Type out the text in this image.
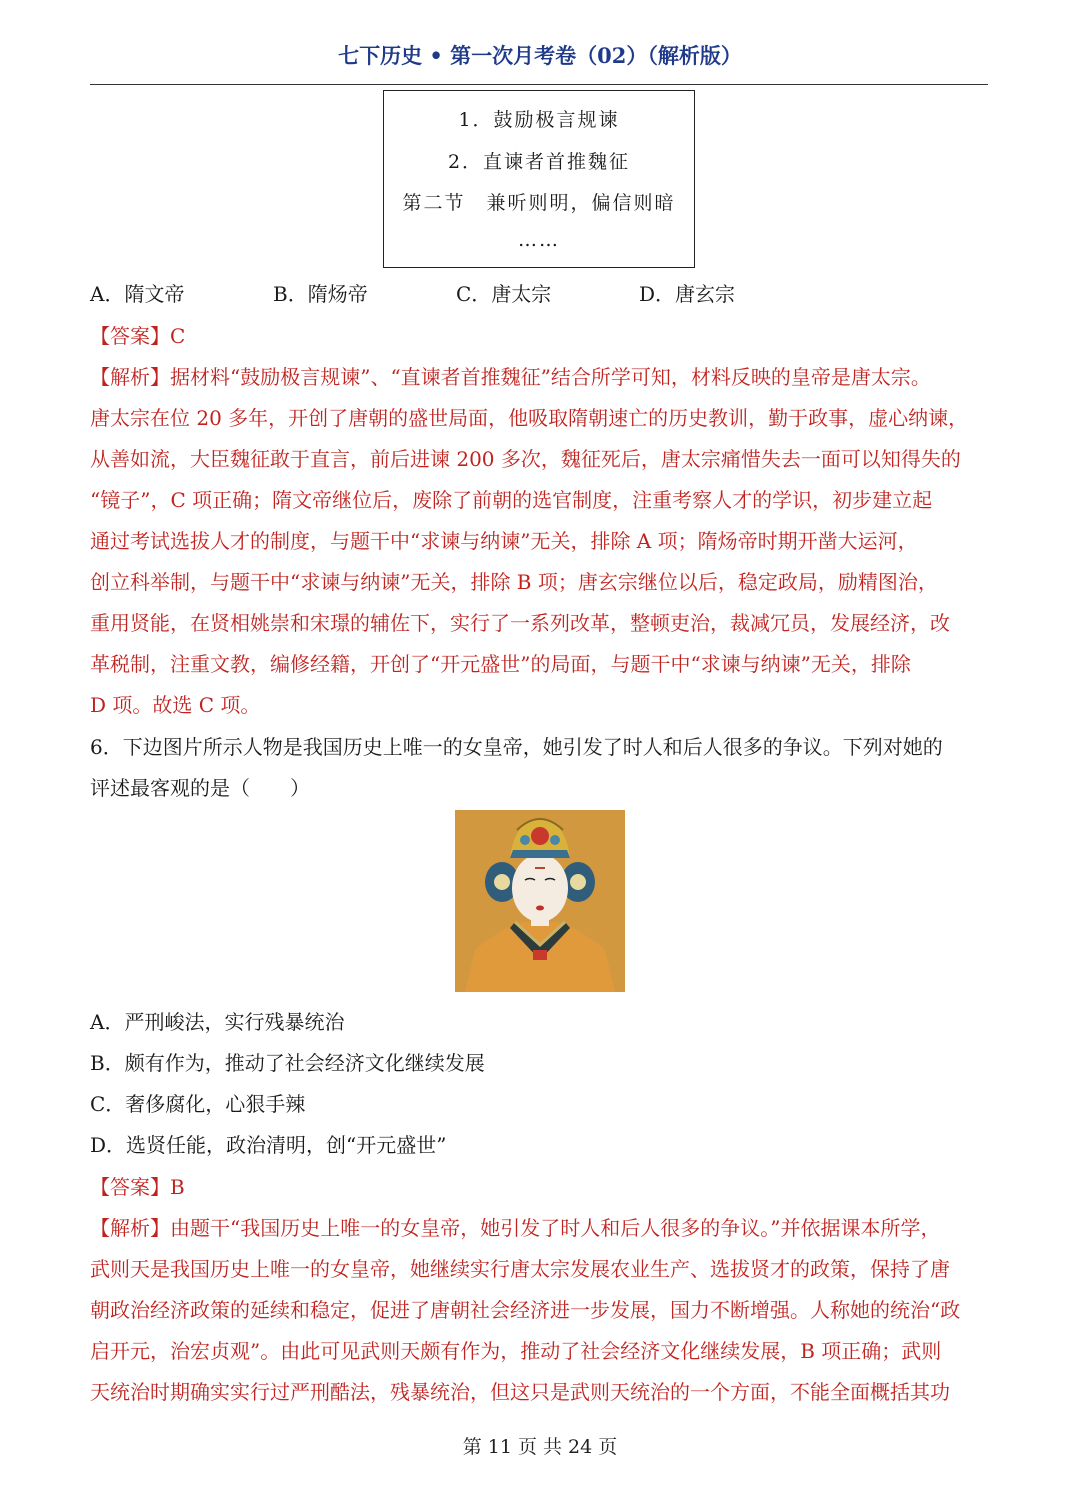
七下历史 • 第一次月考卷（02）（解析版）
1．鼓励极言规谏
2．直谏者首推魏征
第二节　兼听则明，偏信则暗
……
A．隋文帝	B．隋炀帝	C．唐太宗	D．唐玄宗
【答案】C
【解析】据材料“鼓励极言规谏”、“直谏者首推魏征”结合所学可知，材料反映的皇帝是唐太宗。
唐太宗在位 20 多年，开创了唐朝的盛世局面，他吸取隋朝速亡的历史教训，勤于政事，虚心纳谏，
从善如流，大臣魏征敢于直言，前后进谏 200 多次，魏征死后，唐太宗痛惜失去一面可以知得失的
“镜子”，C 项正确；隋文帝继位后，废除了前朝的选官制度，注重考察人才的学识，初步建立起
通过考试选拔人才的制度，与题干中“求谏与纳谏”无关，排除 A 项；隋炀帝时期开凿大运河，
创立科举制，与题干中“求谏与纳谏”无关，排除 B 项；唐玄宗继位以后，稳定政局，励精图治，
重用贤能，在贤相姚崇和宋璟的辅佐下，实行了一系列改革，整顿吏治，裁减冗员，发展经济，改
革税制，注重文教，编修经籍，开创了“开元盛世”的局面，与题干中“求谏与纳谏”无关，排除
D 项。故选 C 项。
6．下边图片所示人物是我国历史上唯一的女皇帝，她引发了时人和后人很多的争议。下列对她的
评述最客观的是（　　）
A．严刑峻法，实行残暴统治
B．颇有作为，推动了社会经济文化继续发展
C．奢侈腐化，心狠手辣
D．选贤任能，政治清明，创“开元盛世”
【答案】B
【解析】由题干“我国历史上唯一的女皇帝，她引发了时人和后人很多的争议。”并依据课本所学，
武则天是我国历史上唯一的女皇帝，她继续实行唐太宗发展农业生产、选拔贤才的政策，保持了唐
朝政治经济政策的延续和稳定，促进了唐朝社会经济进一步发展，国力不断增强。人称她的统治“政
启开元，治宏贞观”。由此可见武则天颇有作为，推动了社会经济文化继续发展，B 项正确；武则
天统治时期确实实行过严刑酷法，残暴统治，但这只是武则天统治的一个方面，不能全面概括其功
第 11 页 共 24 页
